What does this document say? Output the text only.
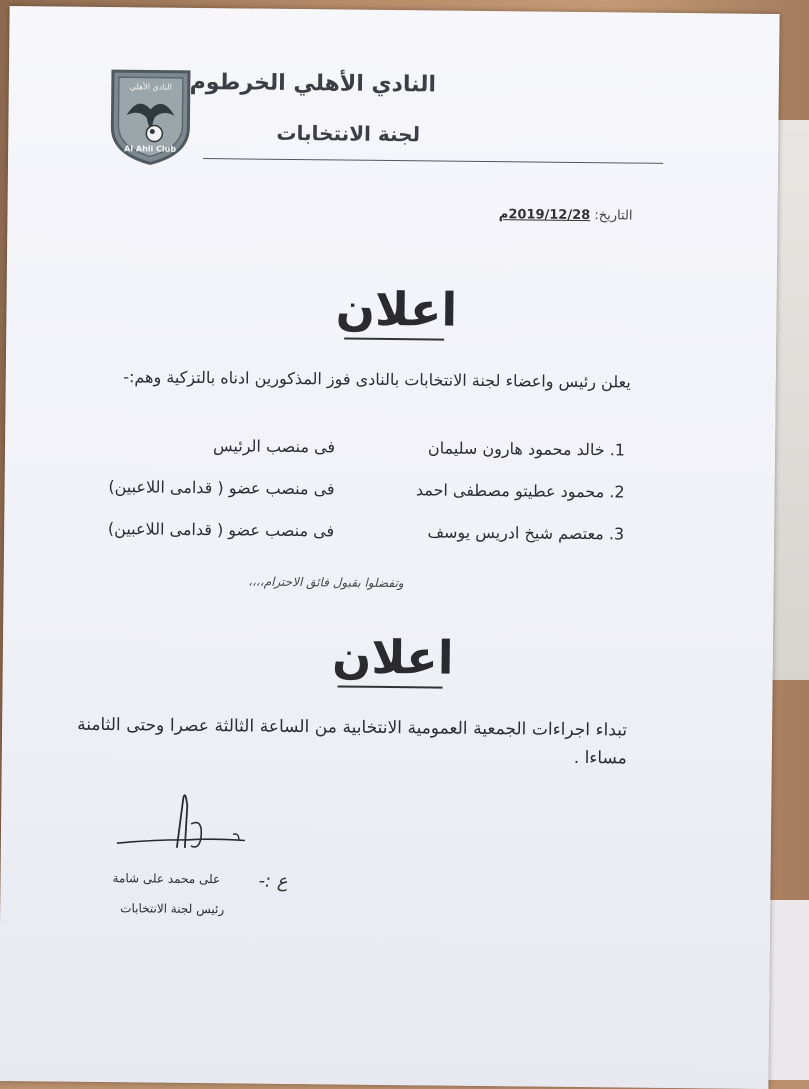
النادي الأهلي
Al Ahli Club
النادي الأهلي الخرطوم
لجنة الانتخابات
التاريخ: 2019/12/28م
اعلان
يعلن رئيس واعضاء لجنة الانتخابات بالنادى فوز المذكورين ادناه بالتزكية وهم:-
1. خالد محمود هارون سليمان
فى منصب الرئيس
2. محمود عطيتو مصطفى احمد
فى منصب عضو ( قدامى اللاعبين)
3. معتصم شيخ ادريس يوسف
فى منصب عضو ( قدامى اللاعبين)
وتفضلوا بقبول فائق الاحترام،،،،
اعلان
تبداء اجراءات الجمعية العمومية الانتخابية من الساعة الثالثة عصرا وحتى الثامنة مساءا .
ع :-
على محمد على شامة
رئيس لجنة الانتخابات
